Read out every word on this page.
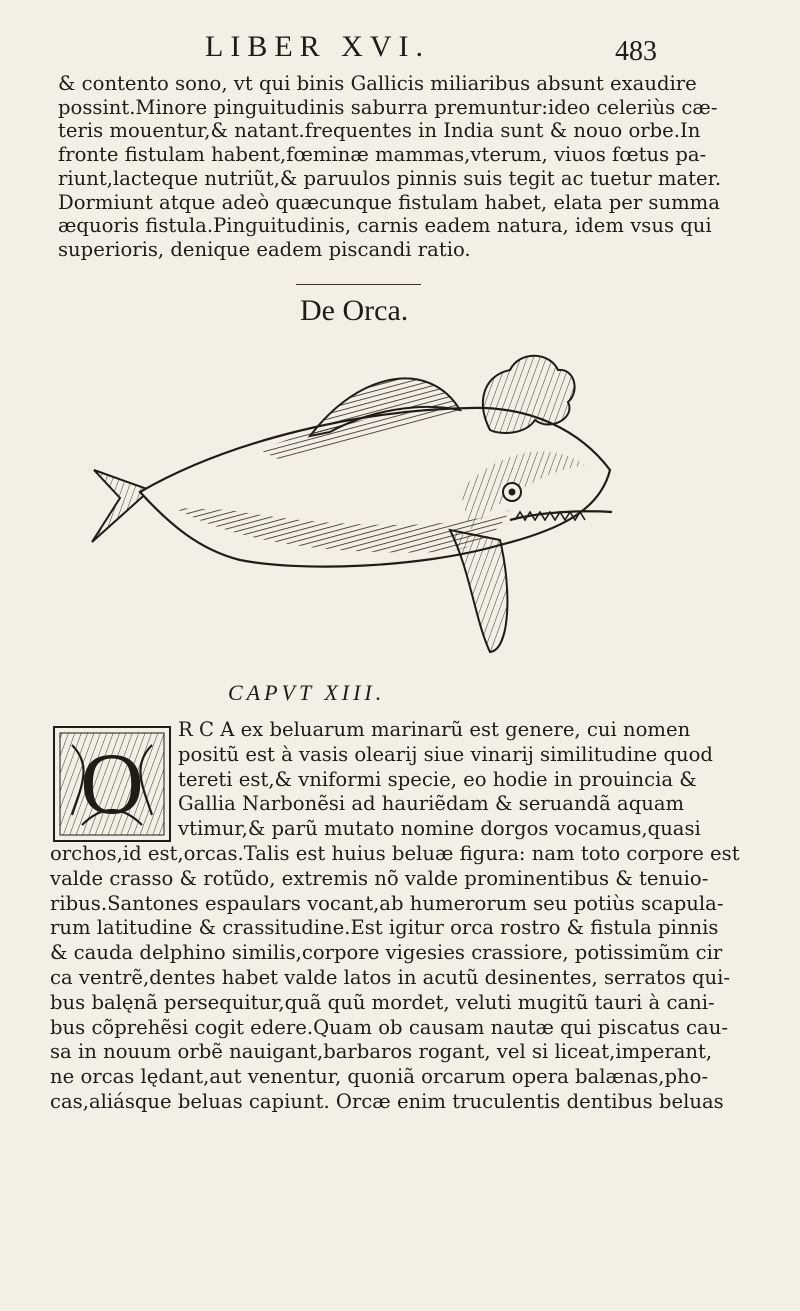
LIBER XVI.	483
& contento sono, vt qui binis Gallicis miliaribus absunt exaudire
possint.Minore pinguitudinis saburra premuntur:ideo celeriùs cæ-
teris mouentur,& natant.frequentes in India sunt & nouo orbe.In
fronte fistulam habent,fœminæ mammas,vterum, viuos fœtus pa-
riunt,lacteque nutriũt,& paruulos pinnis suis tegit ac tuetur mater.
Dormiunt atque adeò quæcunque fistulam habet, elata per summa
æquoris fistula.Pinguitudinis, carnis eadem natura, idem vsus qui
superioris, denique eadem piscandi ratio.
De Orca.
CAPVT XIII.
O
R C A ex beluarum marinarũ est genere, cui nomen
positũ est à vasis olearij siue vinarij similitudine quod
tereti est,& vniformi specie, eo hodie in prouincia &
Gallia Narbonẽsi ad hauriẽdam & seruandã aquam
vtimur,& parũ mutato nomine dorgos vocamus,quasi
orchos,id est,orcas.Talis est huius beluæ figura: nam toto corpore est
valde crasso & rotũdo, extremis nõ valde prominentibus & tenuio-
ribus.Santones espaulars vocant,ab humerorum seu potiùs scapula-
rum latitudine & crassitudine.Est igitur orca rostro & fistula pinnis
& cauda delphino similis,corpore vigesies crassiore, potissimũm cir
ca ventrẽ,dentes habet valde latos in acutũ desinentes, serratos qui-
bus balęnã persequitur,quã quũ mordet, veluti mugitũ tauri à cani-
bus cõprehẽsi cogit edere.Quam ob causam nautæ qui piscatus cau-
sa in nouum orbẽ nauigant,barbaros rogant, vel si liceat,imperant,
ne orcas lędant,aut venentur, quoniã orcarum opera balænas,pho-
cas,aliásque beluas capiunt. Orcæ enim truculentis dentibus beluas
